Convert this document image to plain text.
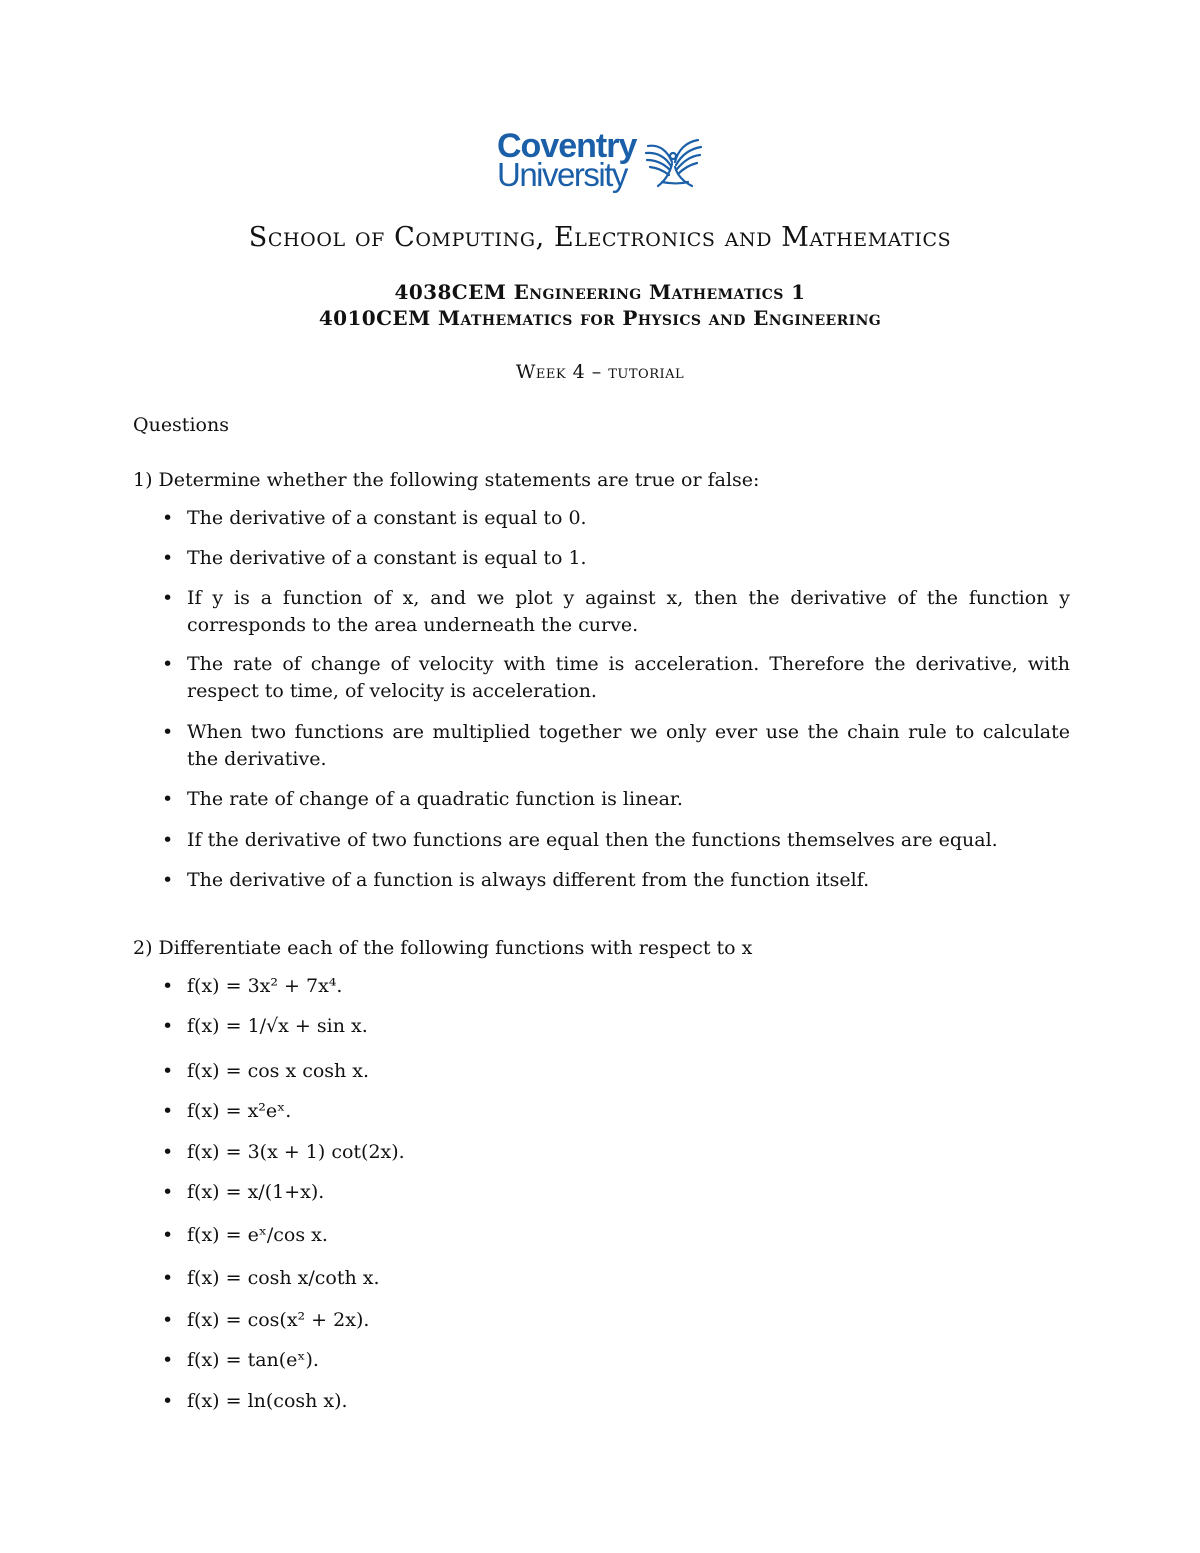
Coventry
University
School of Computing, Electronics and Mathematics
4038CEM Engineering Mathematics 1
4010CEM Mathematics for Physics and Engineering
Week 4 – tutorial
Questions
1) Determine whether the following statements are true or false:
• The derivative of a constant is equal to 0.
• The derivative of a constant is equal to 1.
• If y is a function of x, and we plot y against x, then the derivative of the function y corresponds to the area underneath the curve.
• The rate of change of velocity with time is acceleration. Therefore the derivative, with respect to time, of velocity is acceleration.
• When two functions are multiplied together we only ever use the chain rule to calculate the derivative.
• The rate of change of a quadratic function is linear.
• If the derivative of two functions are equal then the functions themselves are equal.
• The derivative of a function is always different from the function itself.
2) Differentiate each of the following functions with respect to x
• f(x) = 3x² + 7x⁴.
• f(x) = 1/√x + sin x.
• f(x) = cos x cosh x.
• f(x) = x²eˣ.
• f(x) = 3(x + 1) cot(2x).
• f(x) = x/(1+x).
• f(x) = eˣ/cos x.
• f(x) = cosh x/coth x.
• f(x) = cos(x² + 2x).
• f(x) = tan(eˣ).
• f(x) = ln(cosh x).
